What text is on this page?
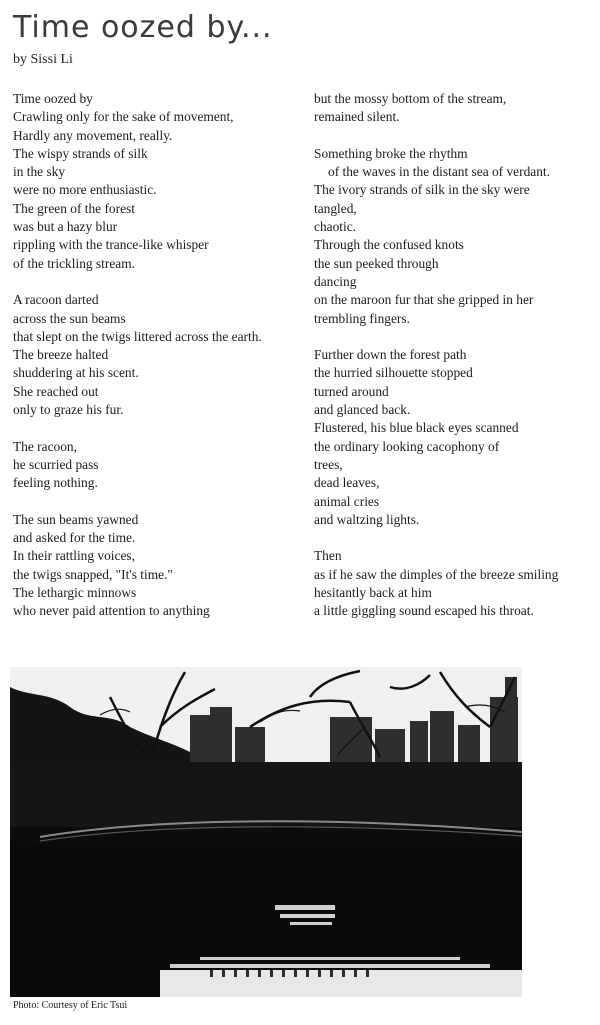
Time oozed by...
by Sissi Li
Time oozed by
Crawling only for the sake of movement,
Hardly any movement, really.
The wispy strands of silk
in the sky
were no more enthusiastic.
The green of the forest
was but a hazy blur
rippling with the trance-like whisper
of the trickling stream.
A racoon darted
across the sun beams
that slept on the twigs littered across the earth.
The breeze halted
shuddering at his scent.
She reached out
only to graze his fur.
The racoon,
he scurried pass
feeling nothing.
The sun beams yawned
and asked for the time.
In their rattling voices,
the twigs snapped, "It's time."
The lethargic minnows
who never paid attention to anything
but the mossy bottom of the stream,
remained silent.
Something broke the rhythm
of the waves in the distant sea of verdant.
The ivory strands of silk in the sky were
tangled,
chaotic.
Through the confused knots
the sun peeked through
dancing
on the maroon fur that she gripped in her
trembling fingers.
Further down the forest path
the hurried silhouette stopped
turned around
and glanced back.
Flustered, his blue black eyes scanned
the ordinary looking cacophony of
trees,
dead leaves,
animal cries
and waltzing lights.
Then
as if he saw the dimples of the breeze smiling
hesitantly back at him
a little giggling sound escaped his throat.
Photo: Courtesy of Eric Tsui
